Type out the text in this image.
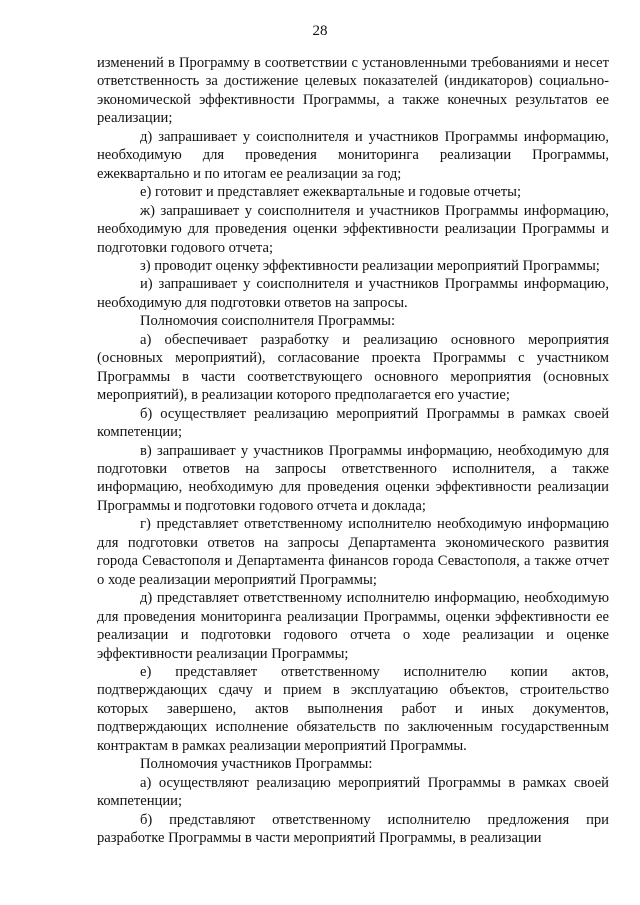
28

изменений в Программу в соответствии с установленными требованиями и несет ответственность за достижение целевых показателей (индикаторов) социально-экономической эффективности Программы, а также конечных результатов ее реализации;

д) запрашивает у соисполнителя и участников Программы информацию, необходимую для проведения мониторинга реализации Программы, ежеквартально и по итогам ее реализации за год;

е) готовит и представляет ежеквартальные и годовые отчеты;

ж) запрашивает у соисполнителя и участников Программы информацию, необходимую для проведения оценки эффективности реализации Программы и подготовки годового отчета;

з) проводит оценку эффективности реализации мероприятий Программы;

и) запрашивает у соисполнителя и участников Программы информацию, необходимую для подготовки ответов на запросы.

Полномочия соисполнителя Программы:

а) обеспечивает разработку и реализацию основного мероприятия (основных мероприятий), согласование проекта Программы с участником Программы в части соответствующего основного мероприятия (основных мероприятий), в реализации которого предполагается его участие;

б) осуществляет реализацию мероприятий Программы в рамках своей компетенции;

в) запрашивает у участников Программы информацию, необходимую для подготовки ответов на запросы ответственного исполнителя, а также информацию, необходимую для проведения оценки эффективности реализации Программы и подготовки годового отчета и доклада;

г) представляет ответственному исполнителю необходимую информацию для подготовки ответов на запросы Департамента экономического развития города Севастополя и Департамента финансов города Севастополя, а также отчет о ходе реализации мероприятий Программы;

д) представляет ответственному исполнителю информацию, необходимую для проведения мониторинга реализации Программы, оценки эффективности ее реализации и подготовки годового отчета о ходе реализации и оценке эффективности реализации Программы;

е) представляет ответственному исполнителю копии актов, подтверждающих сдачу и прием в эксплуатацию объектов, строительство которых завершено, актов выполнения работ и иных документов, подтверждающих исполнение обязательств по заключенным государственным контрактам в рамках реализации мероприятий Программы.

Полномочия участников Программы:

а) осуществляют реализацию мероприятий Программы в рамках своей компетенции;

б) представляют ответственному исполнителю предложения при разработке Программы в части мероприятий Программы, в реализации
